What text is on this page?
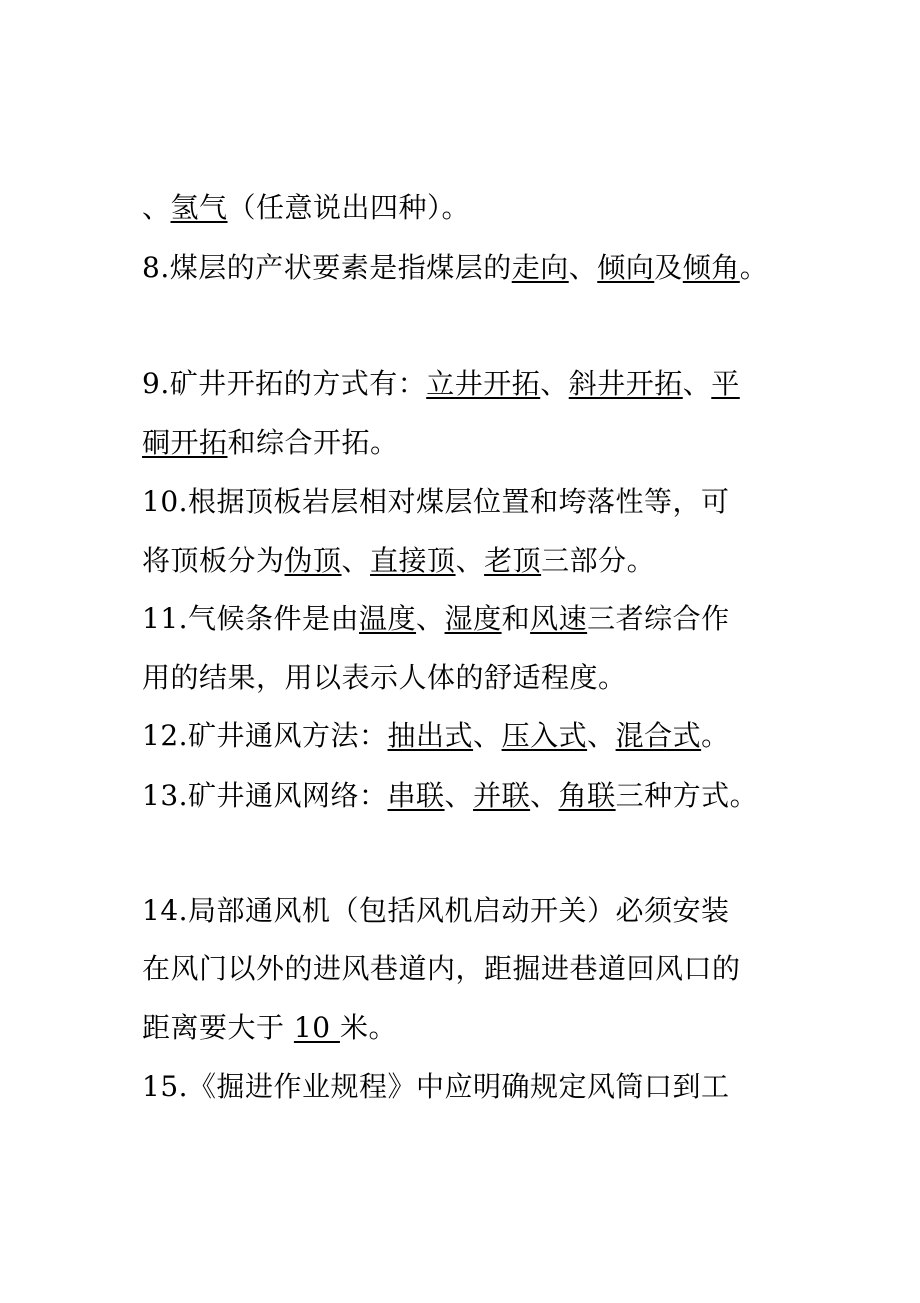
、氢气（任意说出四种）。
8.煤层的产状要素是指煤层的走向、倾向及倾角。
9.矿井开拓的方式有：立井开拓、斜井开拓、平
硐开拓和综合开拓。
10.根据顶板岩层相对煤层位置和垮落性等，可
将顶板分为伪顶、直接顶、老顶三部分。
11.气候条件是由温度、湿度和风速三者综合作
用的结果，用以表示人体的舒适程度。
12.矿井通风方法：抽出式、压入式、混合式。
13.矿井通风网络：串联、并联、角联三种方式。
14.局部通风机（包括风机启动开关）必须安装
在风门以外的进风巷道内，距掘进巷道回风口的
距离要大于 10 米。
15.《掘进作业规程》中应明确规定风筒口到工
